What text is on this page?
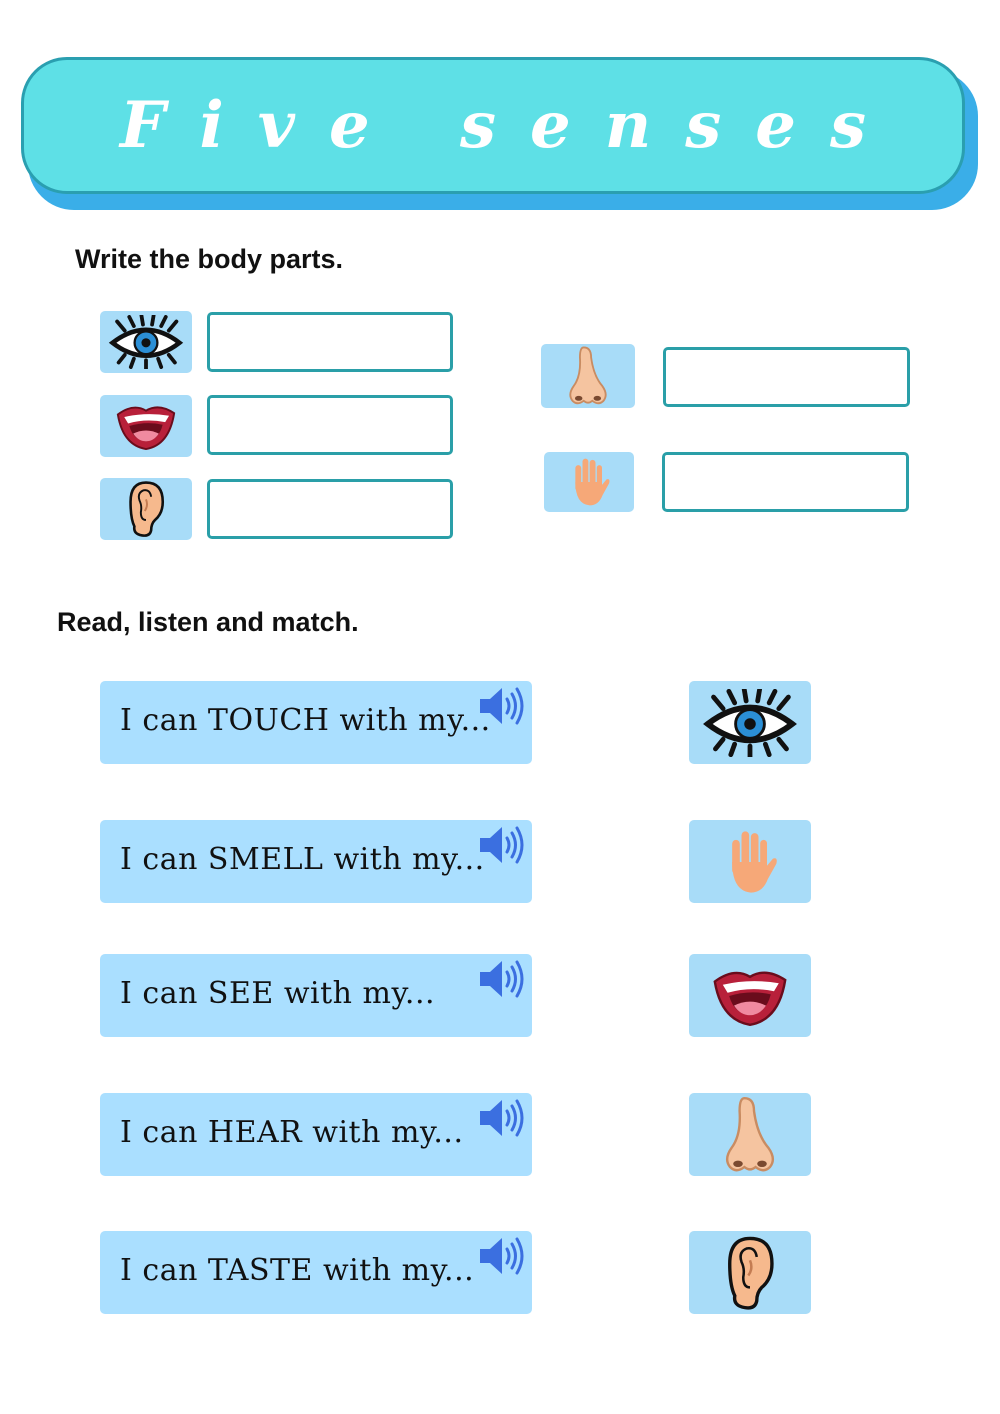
Five senses
Write the body parts.
Read, listen and match.
I can TOUCH with my...
I can SMELL with my...
I can SEE with my...
I can HEAR with my...
I can TASTE with my...
